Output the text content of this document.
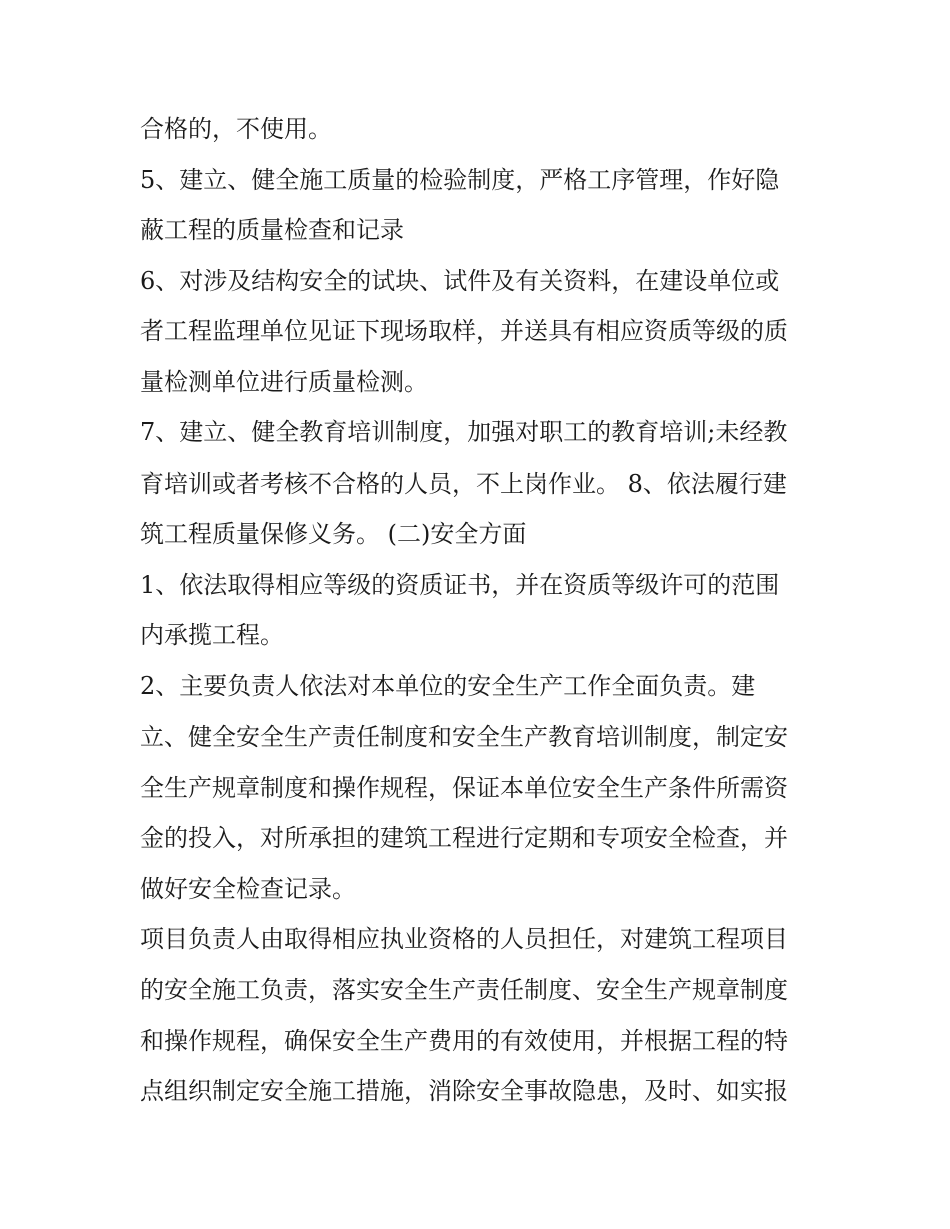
合格的，不使用。

5、建立、健全施工质量的检验制度，严格工序管理，作好隐

蔽工程的质量检查和记录

6、对涉及结构安全的试块、试件及有关资料，在建设单位或

者工程监理单位见证下现场取样，并送具有相应资质等级的质

量检测单位进行质量检测。

7、建立、健全教育培训制度，加强对职工的教育培训;未经教

育培训或者考核不合格的人员，不上岗作业。 8、依法履行建

筑工程质量保修义务。 (二)安全方面

1、依法取得相应等级的资质证书，并在资质等级许可的范围

内承揽工程。

2、主要负责人依法对本单位的安全生产工作全面负责。建

立、健全安全生产责任制度和安全生产教育培训制度，制定安

全生产规章制度和操作规程，保证本单位安全生产条件所需资

金的投入，对所承担的建筑工程进行定期和专项安全检查，并

做好安全检查记录。

项目负责人由取得相应执业资格的人员担任，对建筑工程项目

的安全施工负责，落实安全生产责任制度、安全生产规章制度

和操作规程，确保安全生产费用的有效使用，并根据工程的特

点组织制定安全施工措施，消除安全事故隐患，及时、如实报
